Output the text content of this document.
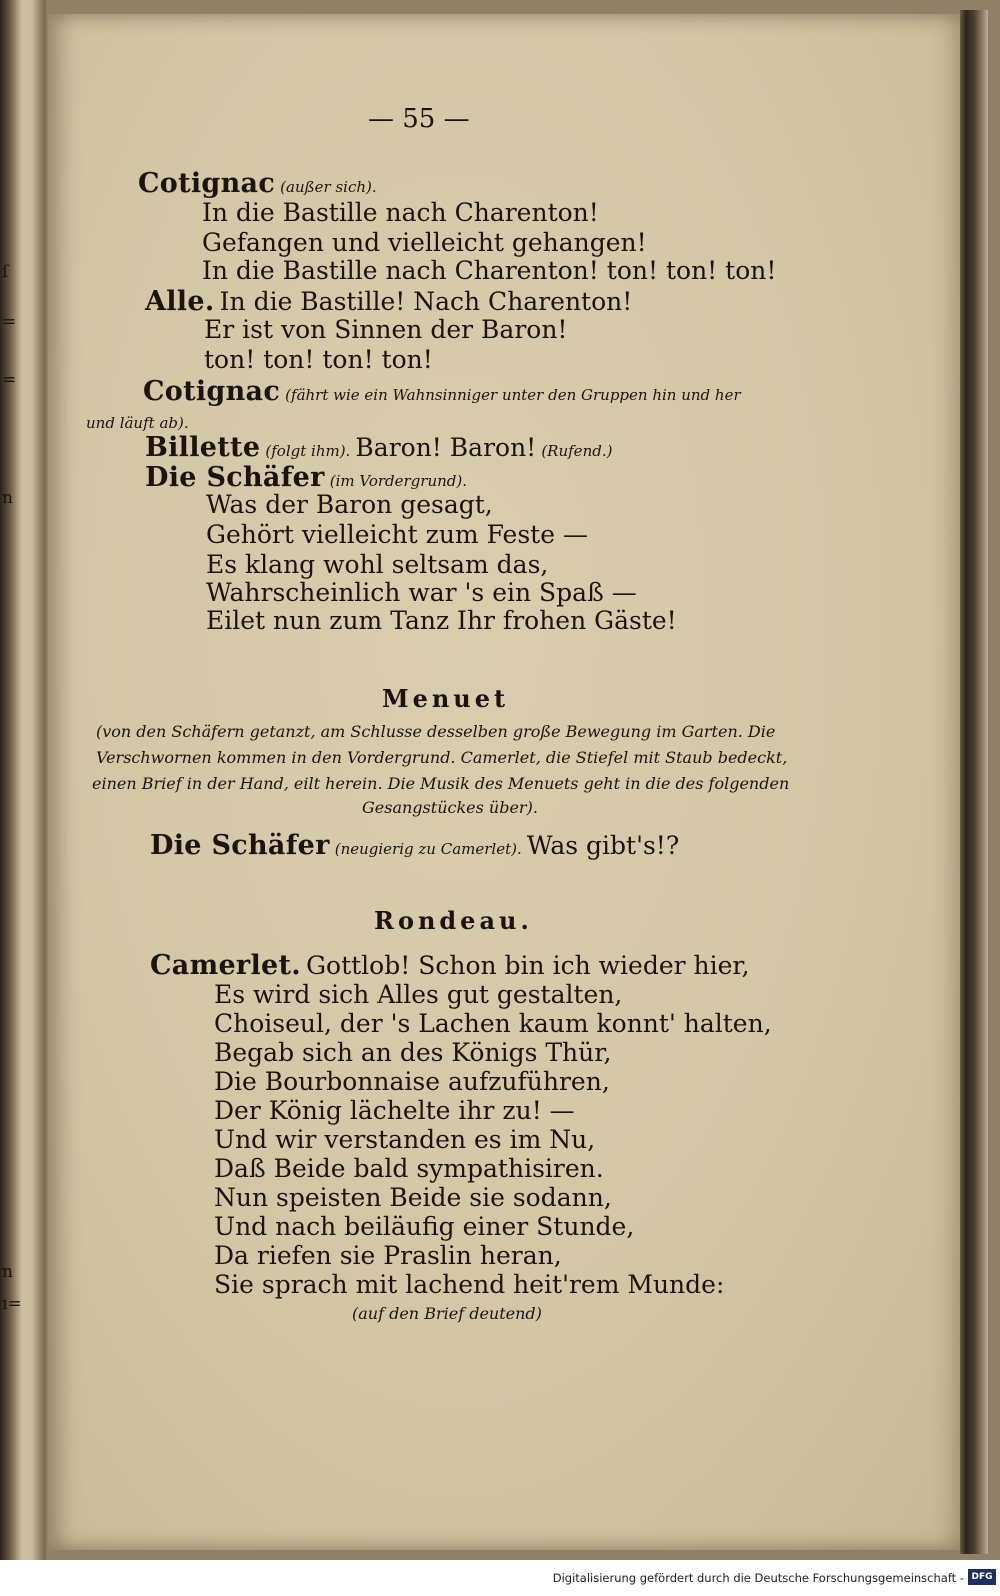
ſ
=
=
n
n
ı=
— 55 —
Cotignac (außer sich).
In die Bastille nach Charenton!
Gefangen und vielleicht gehangen!
In die Bastille nach Charenton! ton! ton! ton!
Alle. In die Bastille! Nach Charenton!
Er ist von Sinnen der Baron!
ton! ton! ton! ton!
Cotignac (fährt wie ein Wahnsinniger unter den Gruppen hin und her
und läuft ab).
Billette (folgt ihm). Baron! Baron! (Rufend.)
Die Schäfer (im Vordergrund).
Was der Baron gesagt,
Gehört vielleicht zum Feste —
Es klang wohl seltsam das,
Wahrscheinlich war 's ein Spaß —
Eilet nun zum Tanz Ihr frohen Gäste!
Menuet
(von den Schäfern getanzt, am Schlusse desselben große Bewegung im Garten. Die
Verschwornen kommen in den Vordergrund. Camerlet, die Stiefel mit Staub bedeckt,
einen Brief in der Hand, eilt herein. Die Musik des Menuets geht in die des folgenden
Gesangstückes über).
Die Schäfer (neugierig zu Camerlet). Was gibt's!?
Rondeau.
Camerlet. Gottlob! Schon bin ich wieder hier,
Es wird sich Alles gut gestalten,
Choiseul, der 's Lachen kaum konnt' halten,
Begab sich an des Königs Thür,
Die Bourbonnaise aufzuführen,
Der König lächelte ihr zu! —
Und wir verstanden es im Nu,
Daß Beide bald sympathisiren.
Nun speisten Beide sie sodann,
Und nach beiläufig einer Stunde,
Da riefen sie Praslin heran,
Sie sprach mit lachend heit'rem Munde:
(auf den Brief deutend)
Digitalisierung gefördert durch die Deutsche Forschungsgemeinschaft - DFG
